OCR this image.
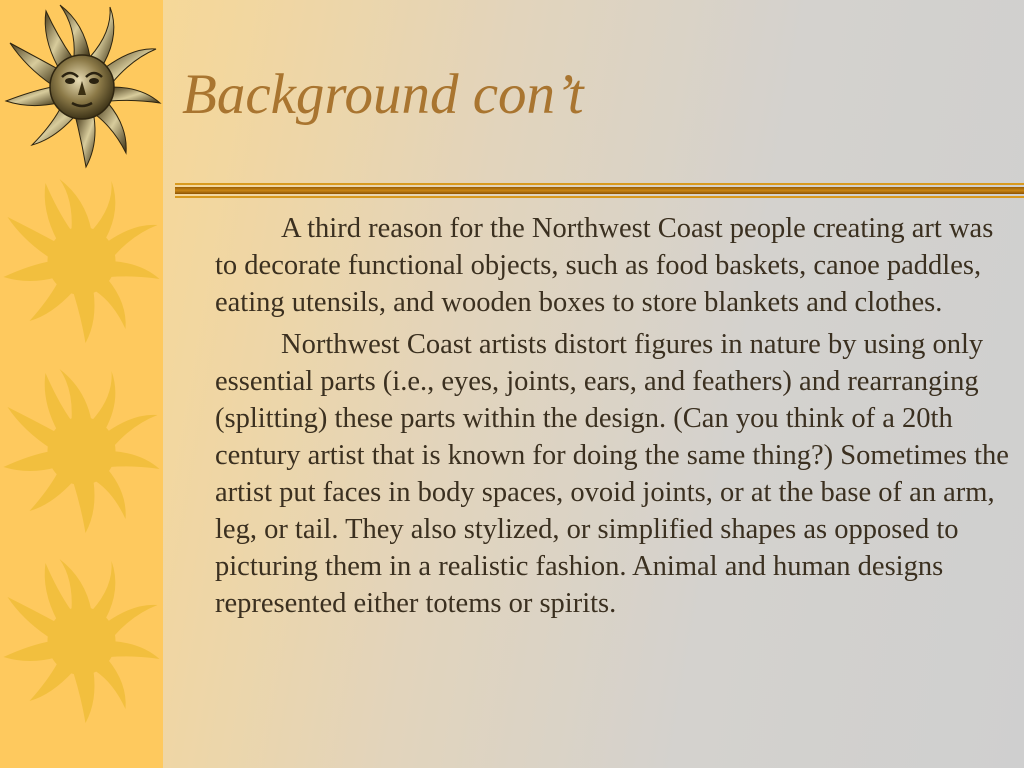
Background con’t

A third reason for the Northwest Coast people creating art was to decorate functional objects, such as food baskets, canoe paddles, eating utensils, and wooden boxes to store blankets and clothes.

Northwest Coast artists distort figures in nature by using only essential parts (i.e., eyes, joints, ears, and feathers) and rearranging (splitting) these parts within the design. (Can you think of a 20th century artist that is known for doing the same thing?) Sometimes the artist put faces in body spaces, ovoid joints, or at the base of an arm, leg, or tail. They also stylized, or simplified shapes as opposed to picturing them in a realistic fashion. Animal and human designs represented either totems or spirits.
